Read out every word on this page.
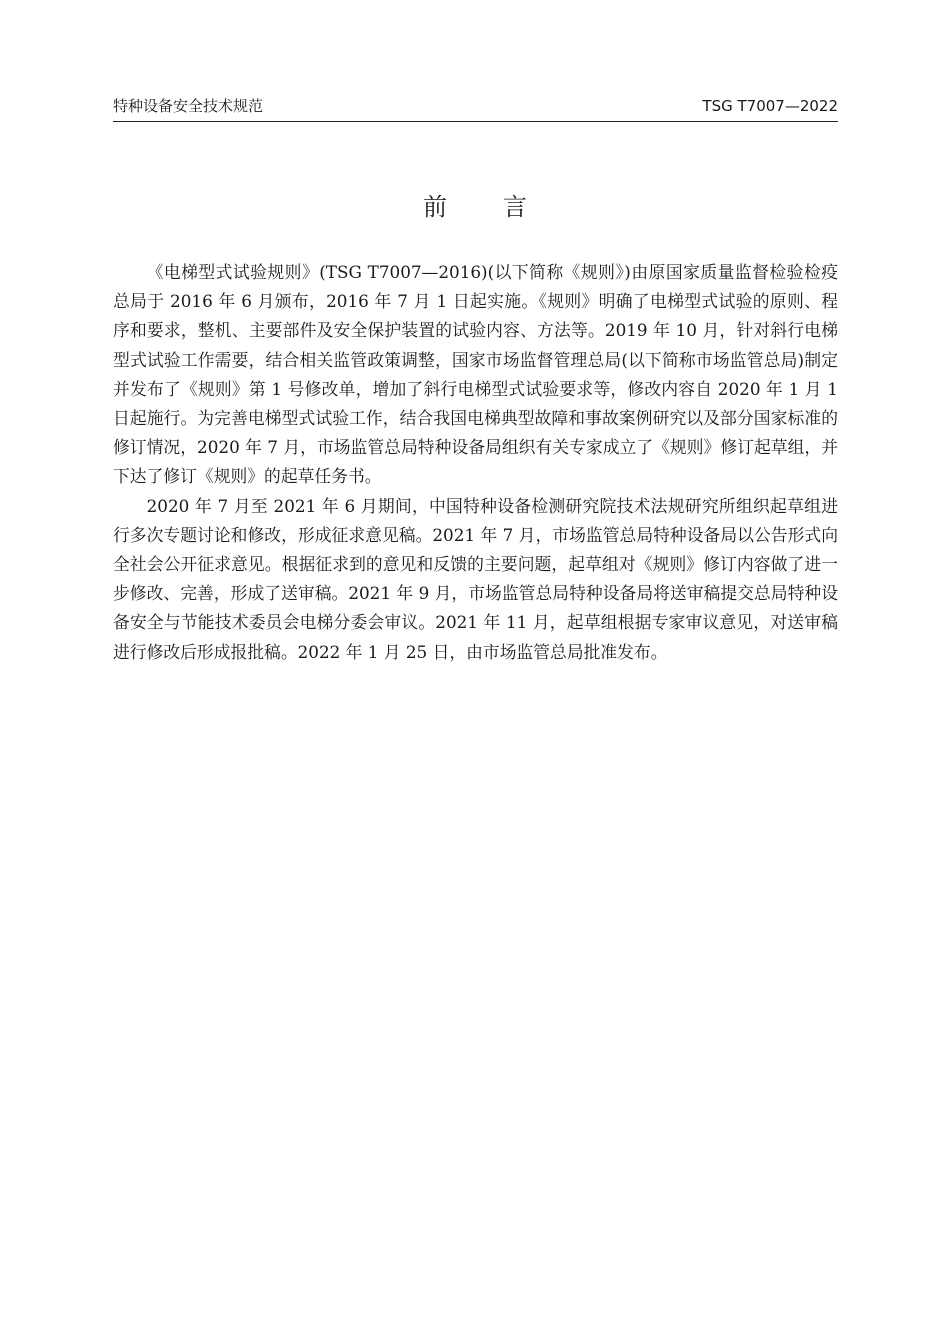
特种设备安全技术规范	TSG T7007—2022
前言

《电梯型式试验规则》(TSG T7007—2016)(以下简称《规则》)由原国家质量监督检验检疫总局于 2016 年 6 月颁布，2016 年 7 月 1 日起实施。《规则》明确了电梯型式试验的原则、程序和要求，整机、主要部件及安全保护装置的试验内容、方法等。2019 年 10 月，针对斜行电梯型式试验工作需要，结合相关监管政策调整，国家市场监督管理总局(以下简称市场监管总局)制定并发布了《规则》第 1 号修改单，增加了斜行电梯型式试验要求等，修改内容自 2020 年 1 月 1 日起施行。为完善电梯型式试验工作，结合我国电梯典型故障和事故案例研究以及部分国家标准的修订情况，2020 年 7 月，市场监管总局特种设备局组织有关专家成立了《规则》修订起草组，并下达了修订《规则》的起草任务书。

2020 年 7 月至 2021 年 6 月期间，中国特种设备检测研究院技术法规研究所组织起草组进行多次专题讨论和修改，形成征求意见稿。2021 年 7 月，市场监管总局特种设备局以公告形式向全社会公开征求意见。根据征求到的意见和反馈的主要问题，起草组对《规则》修订内容做了进一步修改、完善，形成了送审稿。2021 年 9 月，市场监管总局特种设备局将送审稿提交总局特种设备安全与节能技术委员会电梯分委会审议。2021 年 11 月，起草组根据专家审议意见，对送审稿进行修改后形成报批稿。2022 年 1 月 25 日，由市场监管总局批准发布。
